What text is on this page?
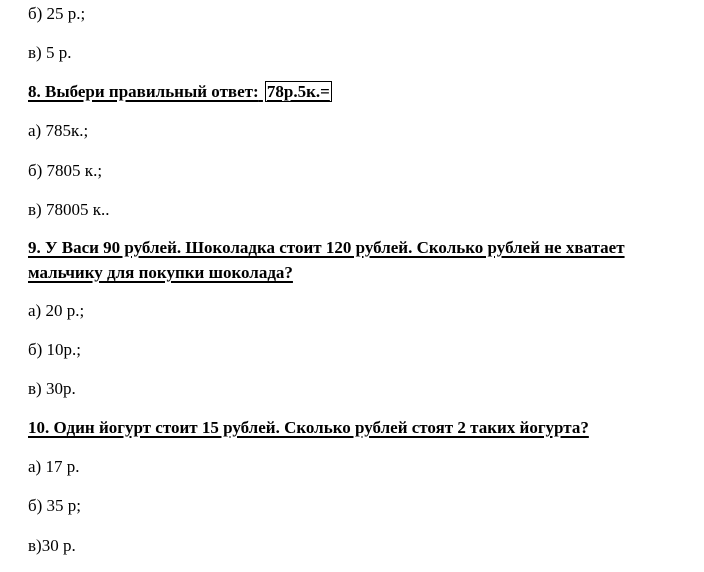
б) 25 р.;
в) 5 р.
8. Выбери правильный ответ: 78р.5к.=
а) 785к.;
б) 7805 к.;
в) 78005 к..
9. У Васи 90 рублей. Шоколадка стоит 120 рублей. Сколько рублей не хватает
мальчику для покупки шоколада?
а) 20 р.;
б) 10р.;
в) 30р.
10. Один йогурт стоит 15 рублей. Сколько рублей стоят 2 таких йогурта?
а) 17 р.
б) 35 р;
в)30 р.
